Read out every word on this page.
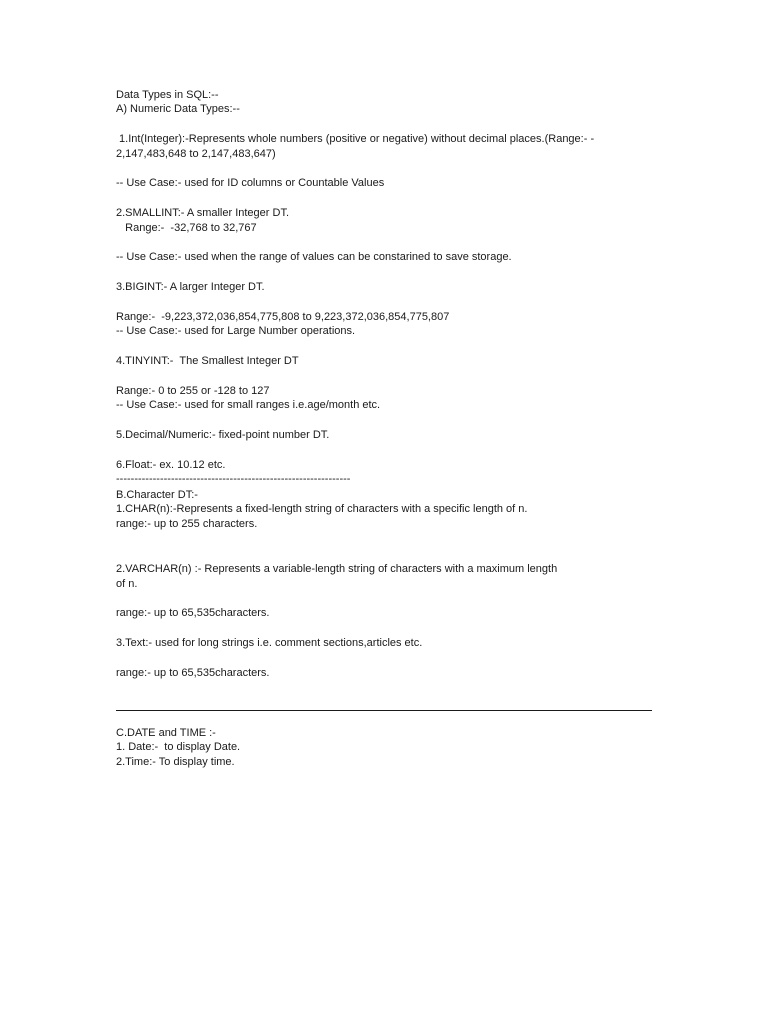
Data Types in SQL:--
A) Numeric Data Types:--
1.Int(Integer):-Represents whole numbers (positive or negative) without decimal places.(Range:- -
2,147,483,648 to 2,147,483,647)
-- Use Case:- used for ID columns or Countable Values
2.SMALLINT:- A smaller Integer DT.
Range:-  -32,768 to 32,767
-- Use Case:- used when the range of values can be constarined to save storage.
3.BIGINT:- A larger Integer DT.
Range:-  -9,223,372,036,854,775,808 to 9,223,372,036,854,775,807
-- Use Case:- used for Large Number operations.
4.TINYINT:-  The Smallest Integer DT
Range:- 0 to 255 or -128 to 127
-- Use Case:- used for small ranges i.e.age/month etc.
5.Decimal/Numeric:- fixed-point number DT.
6.Float:- ex. 10.12 etc.
----------------------------------------------------------------
B.Character DT:-
1.CHAR(n):-Represents a fixed-length string of characters with a specific length of n.
range:- up to 255 characters.
2.VARCHAR(n) :- Represents a variable-length string of characters with a maximum length
of n.
range:- up to 65,535characters.
3.Text:- used for long strings i.e. comment sections,articles etc.
range:- up to 65,535characters.
C.DATE and TIME :-
1. Date:-  to display Date.
2.Time:- To display time.
